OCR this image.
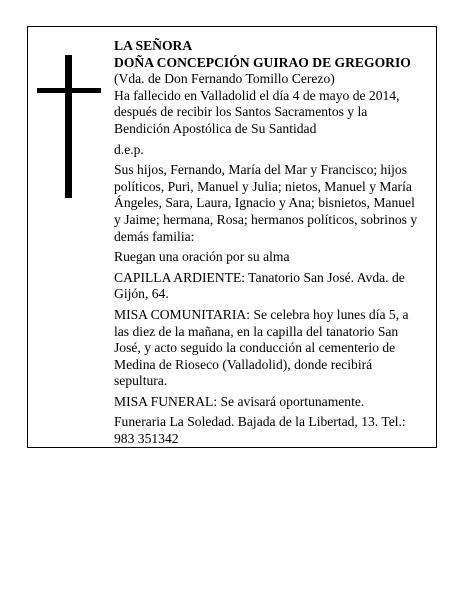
LA SEÑORA

DOÑA CONCEPCIÓN GUIRAO DE GREGORIO

(Vda. de Don Fernando Tomillo Cerezo)

Ha fallecido en Valladolid el día 4 de mayo de 2014, después de recibir los Santos Sacramentos y la Bendición Apostólica de Su Santidad

d.e.p.

Sus hijos, Fernando, María del Mar y Francisco; hijos políticos, Puri, Manuel y Julia; nietos, Manuel y María Ángeles, Sara, Laura, Ignacio y Ana; bisnietos, Manuel y Jaime; hermana, Rosa; hermanos políticos, sobrinos y demás familia:

Ruegan una oración por su alma

CAPILLA ARDIENTE: Tanatorio San José. Avda. de Gijón, 64.

MISA COMUNITARIA: Se celebra hoy lunes día 5, a las diez de la mañana, en la capilla del tanatorio San José, y acto seguido la conducción al cementerio de Medina de Rioseco (Valladolid), donde recibirá sepultura.

MISA FUNERAL: Se avisará oportunamente.

Funeraria La Soledad. Bajada de la Libertad, 13. Tel.: 983 351342
